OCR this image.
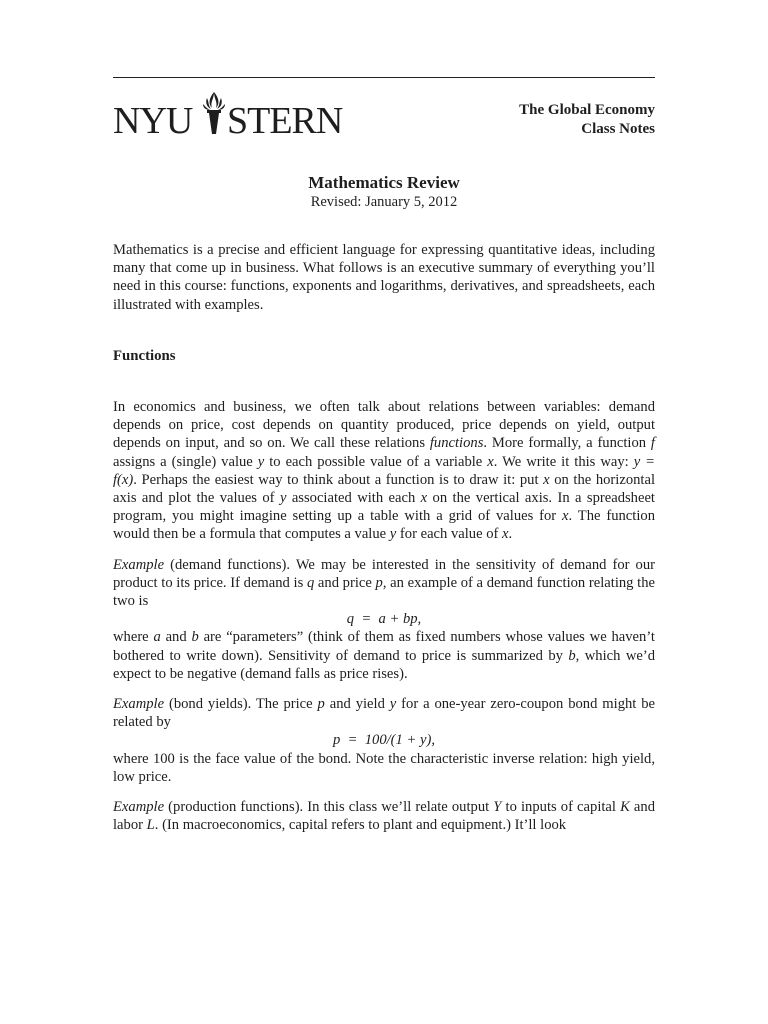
NYU STERN	The Global Economy
Class Notes
Mathematics Review
Revised: January 5, 2012

Mathematics is a precise and efficient language for expressing quantitative ideas, including many that come up in business. What follows is an executive summary of everything you’ll need in this course: functions, exponents and logarithms, derivatives, and spreadsheets, each illustrated with examples.

Functions

In economics and business, we often talk about relations between variables: demand depends on price, cost depends on quantity produced, price depends on yield, output depends on input, and so on. We call these relations functions. More formally, a function f assigns a (single) value y to each possible value of a variable x. We write it this way: y = f(x). Perhaps the easiest way to think about a function is to draw it: put x on the horizontal axis and plot the values of y associated with each x on the vertical axis. In a spreadsheet program, you might imagine setting up a table with a grid of values for x. The function would then be a formula that computes a value y for each value of x.

Example (demand functions). We may be interested in the sensitivity of demand for our product to its price. If demand is q and price p, an example of a demand function relating the two is

q  =  a + bp,

where a and b are “parameters” (think of them as fixed numbers whose values we haven’t bothered to write down). Sensitivity of demand to price is summarized by b, which we’d expect to be negative (demand falls as price rises).

Example (bond yields). The price p and yield y for a one-year zero-coupon bond might be related by

p  =  100/(1 + y),

where 100 is the face value of the bond. Note the characteristic inverse relation: high yield, low price.

Example (production functions). In this class we’ll relate output Y to inputs of capital K and labor L. (In macroeconomics, capital refers to plant and equipment.) It’ll look
